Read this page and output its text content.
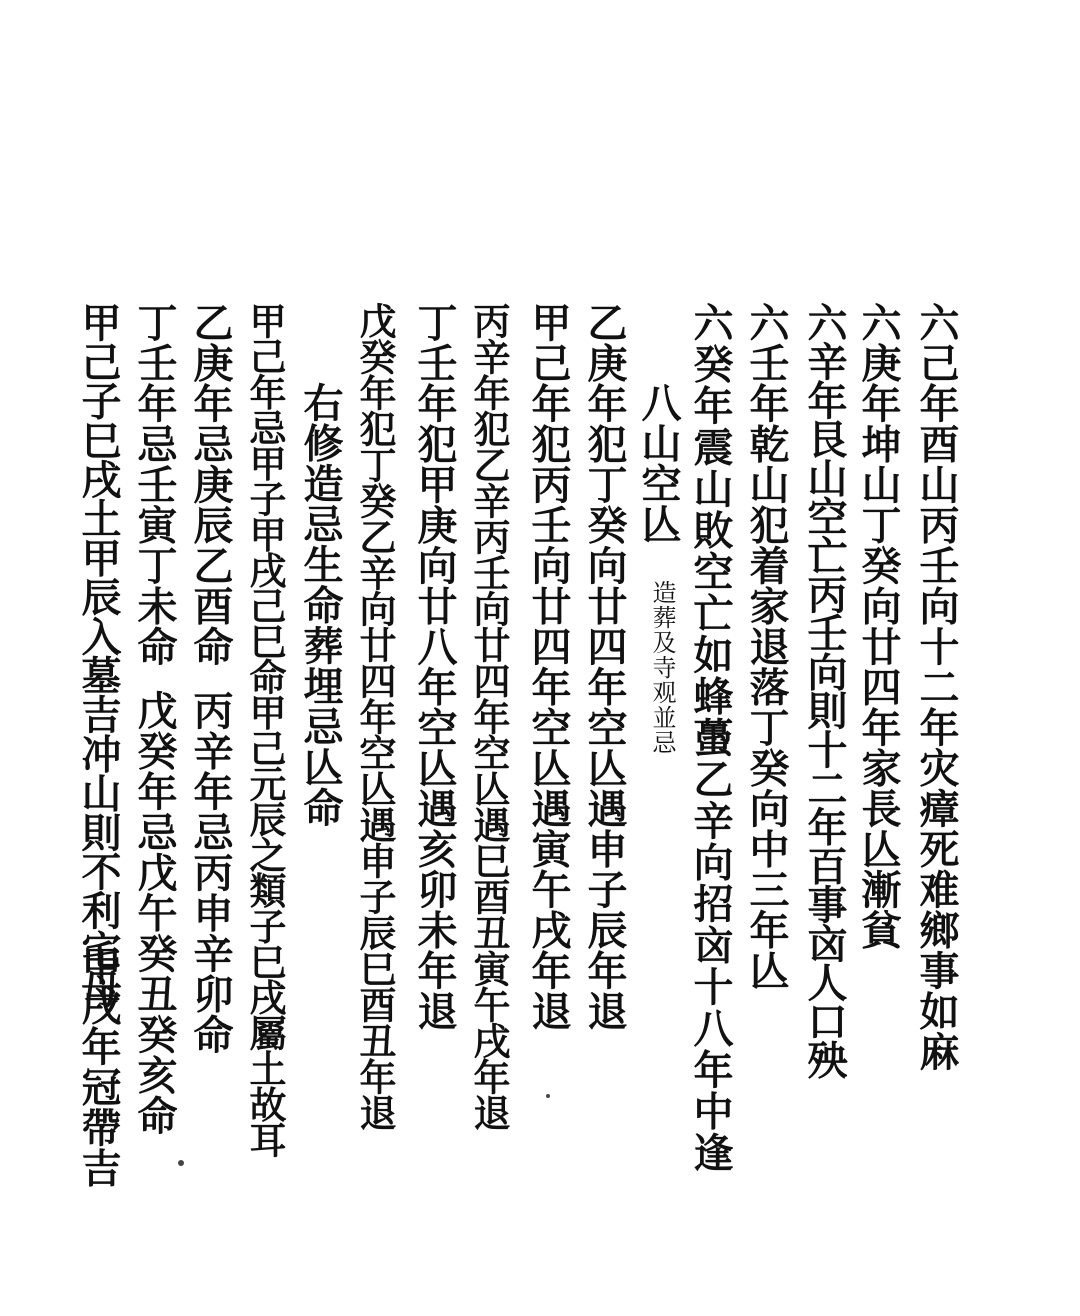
六己年酉山丙壬向十二年灾瘴死难鄉事如麻
六庚年坤山丁癸向廿四年家長亾漸貧
六辛年艮山空亡丙壬向則十二年百事㐫人口殃
六壬年乾山犯着家退落丁癸向中三年亾
六癸年震山敗空亡如蜂蠆乙辛向招㐫十八年中逢
八山空亾
造葬及寺观並忌
乙庚年犯丁癸向廿四年空亾遇申子辰年退
甲己年犯丙壬向廿四年空亾遇寅午戌年退
丙辛年犯乙辛丙壬向廿四年空亾遇巳酉丑寅午戌年退
丁壬年犯甲庚向廿八年空亾遇亥卯未年退
戊癸年犯丁癸乙辛向廿四年空亾遇申子辰巳酉丑年退
右修造忌生命葬埋忌亾命
甲己年忌甲子甲戌己巳命甲己元辰之類子巳戌屬土故耳
乙庚年忌庚辰乙酉命
丙辛年忌丙申辛卯命
丁壬年忌壬寅丁未命
戊癸年忌戊午癸丑癸亥命
甲己子巳戌土甲辰入墓吉冲山則不利宅母
甲戌年冠帶吉
